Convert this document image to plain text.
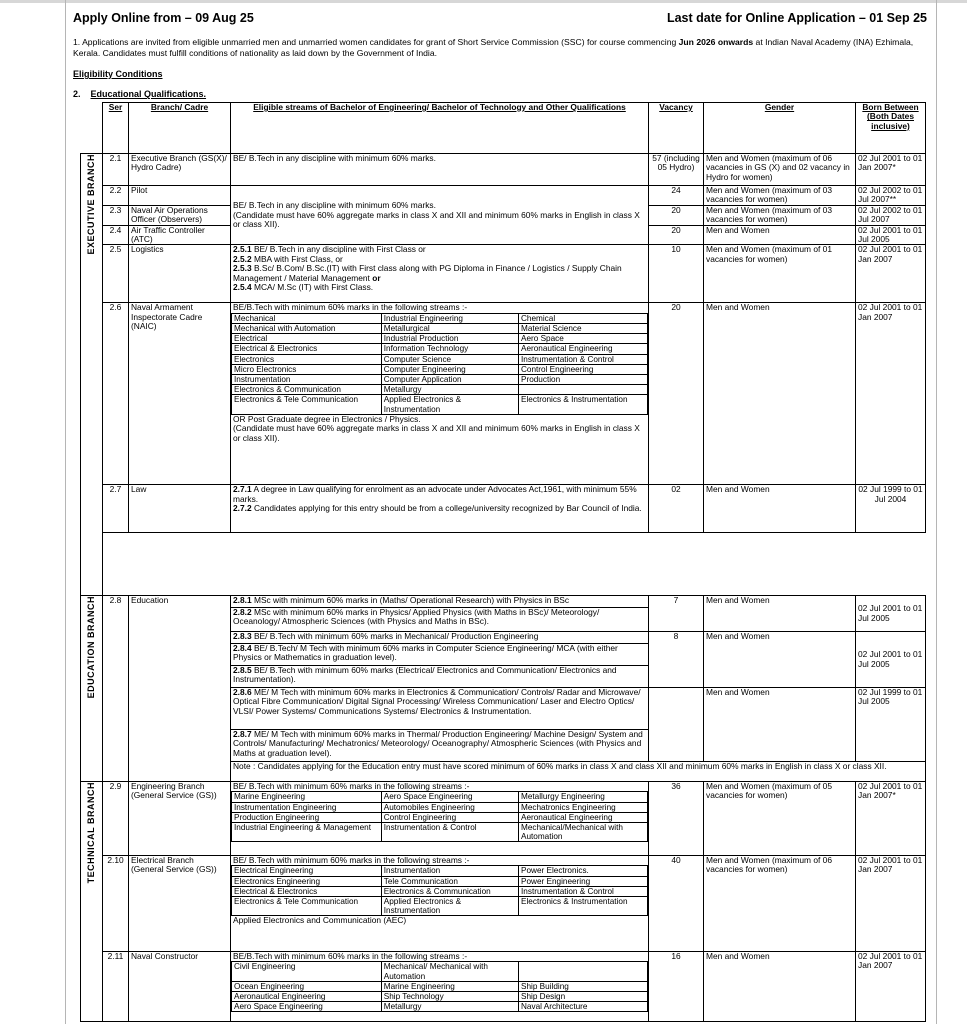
Apply Online from – 09 Aug 25	Last date for Online Application – 01 Sep 25
1. Applications are invited from eligible unmarried men and unmarried women candidates for grant of Short Service Commission (SSC) for course commencing Jun 2026 onwards at Indian Naval Academy (INA) Ezhimala, Kerala. Candidates must fulfill conditions of nationality as laid down by the Government of India.
Eligibility Conditions
2. Educational Qualifications.
	Ser	Branch/ Cadre	Eligible streams of Bachelor of Engineering/ Bachelor of Technology and Other Qualifications	Vacancy	Gender	Born Between (Both Dates inclusive)
EXECUTIVE BRANCH	2.1	Executive Branch (GS(X)/ Hydro Cadre)	BE/ B.Tech in any discipline with minimum 60% marks.	57 (including 05 Hydro)	Men and Women (maximum of 06 vacancies in GS (X) and 02 vacancy in Hydro for women)	02 Jul 2001 to 01 Jan 2007*
2.2	Pilot	
BE/ B.Tech in any discipline with minimum 60% marks.
(Candidate must have 60% aggregate marks in class X and XII and minimum 60% marks in English in class X or class XII).
	24	Men and Women (maximum of 03 vacancies for women)	02 Jul 2002 to 01 Jul 2007**
2.3	Naval Air Operations Officer (Observers)	20	Men and Women (maximum of 03 vacancies for women)	02 Jul 2002 to 01 Jul 2007
2.4	Air Traffic Controller (ATC)	20	Men and Women	02 Jul 2001 to 01 Jul 2005
2.5	Logistics	2.5.1 BE/ B.Tech in any discipline with First Class or
2.5.2 MBA with First Class, or
2.5.3 B.Sc/ B.Com/ B.Sc.(IT) with First class along with PG Diploma in Finance / Logistics / Supply Chain Management / Material Management or
2.5.4 MCA/ M.Sc (IT) with First Class.
	10	Men and Women (maximum of 01 vacancies for women)	02 Jul 2001 to 01 Jan 2007
2.6	Naval Armament Inspectorate Cadre (NAIC)	
BE/B.Tech with minimum 60% marks in the following streams :-
Mechanical	Industrial Engineering	Chemical
Mechanical with Automation	Metallurgical	Material Science
Electrical	Industrial Production	Aero Space
Electrical & Electronics	Information Technology	Aeronautical Engineering
Electronics	Computer Science	Instrumentation & Control
Micro Electronics	Computer Engineering	Control Engineering
Instrumentation	Computer Application	Production
Electronics & Communication	Metallurgy	
Electronics & Tele Communication	Applied Electronics & Instrumentation	Electronics & Instrumentation
OR Post Graduate degree in Electronics / Physics.
(Candidate must have 60% aggregate marks in class X and XII and minimum 60% marks in English in class X or class XII).
	20	Men and Women	02 Jul 2001 to 01 Jan 2007
2.7	Law	2.7.1 A degree in Law qualifying for enrolment as an advocate under Advocates Act,1961, with minimum 55% marks.
2.7.2 Candidates applying for this entry should be from a college/university recognized by Bar Council of India.
	02	Men and Women	02 Jul 1999 to 01 Jul 2004

EDUCATION BRANCH	2.8	Education	2.8.1 MSc with minimum 60% marks in (Maths/ Operational Research) with Physics in BSc	7	Men and Women	02 Jul 2001 to 01 Jul 2005
2.8.2 MSc with minimum 60% marks in Physics/ Applied Physics (with Maths in BSc)/ Meteorology/ Oceanology/ Atmospheric Sciences (with Physics and Maths in BSc).
2.8.3 BE/ B.Tech with minimum 60% marks in Mechanical/ Production Engineering	8	Men and Women	02 Jul 2001 to 01 Jul 2005
2.8.4 BE/ B.Tech/ M Tech with minimum 60% marks in Computer Science Engineering/ MCA (with either Physics or Mathematics in graduation level).
2.8.5 BE/ B.Tech with minimum 60% marks (Electrical/ Electronics and Communication/ Electronics and Instrumentation).
2.8.6 ME/ M Tech with minimum 60% marks in Electronics & Communication/ Controls/ Radar and Microwave/ Optical Fibre Communication/ Digital Signal Processing/ Wireless Communication/ Laser and Electro Optics/ VLSI/ Power Systems/ Communications Systems/ Electronics & Instrumentation.		Men and Women	02 Jul 1999 to 01 Jul 2005
2.8.7 ME/ M Tech with minimum 60% marks in Thermal/ Production Engineering/ Machine Design/ System and Controls/ Manufacturing/ Mechatronics/ Meteorology/ Oceanography/ Atmospheric Sciences (with Physics and Maths at graduation level).
Note : Candidates applying for the Education entry must have scored minimum of 60% marks in class X and class XII and minimum 60% marks in English in class X or class XII.
TECHNICAL BRANCH	2.9	Engineering Branch (General Service (GS))	
BE/ B.Tech with minimum 60% marks in the following streams :-
Marine Engineering	Aero Space Engineering	Metallurgy Engineering
Instrumentation Engineering	Automobiles Engineering	Mechatronics Engineering
Production Engineering	Control Engineering	Aeronautical Engineering
Industrial Engineering & Management	Instrumentation & Control	Mechanical/Mechanical with Automation
	36	Men and Women (maximum of 05 vacancies for women)	02 Jul 2001 to 01 Jan 2007*
2.10	Electrical Branch (General Service (GS))	
BE/ B.Tech with minimum 60% marks in the following streams :-
Electrical Engineering	Instrumentation	Power Electronics.
Electronics Engineering	Tele Communication	Power Engineering
Electrical & Electronics	Electronics & Communication	Instrumentation & Control
Electronics & Tele Communication	Applied Electronics & Instrumentation	Electronics & Instrumentation
Applied Electronics and Communication (AEC)
	40	Men and Women (maximum of 06 vacancies for women)	02 Jul 2001 to 01 Jan 2007
2.11	Naval Constructor	BE/B.Tech with minimum 60% marks in the following streams :-
Civil Engineering	Mechanical/ Mechanical with Automation	
Ocean Engineering	Marine Engineering	Ship Building
Aeronautical Engineering	Ship Technology	Ship Design
Aero Space Engineering	Metallurgy	Naval Architecture
	16	Men and Women	02 Jul 2001 to 01 Jan 2007
